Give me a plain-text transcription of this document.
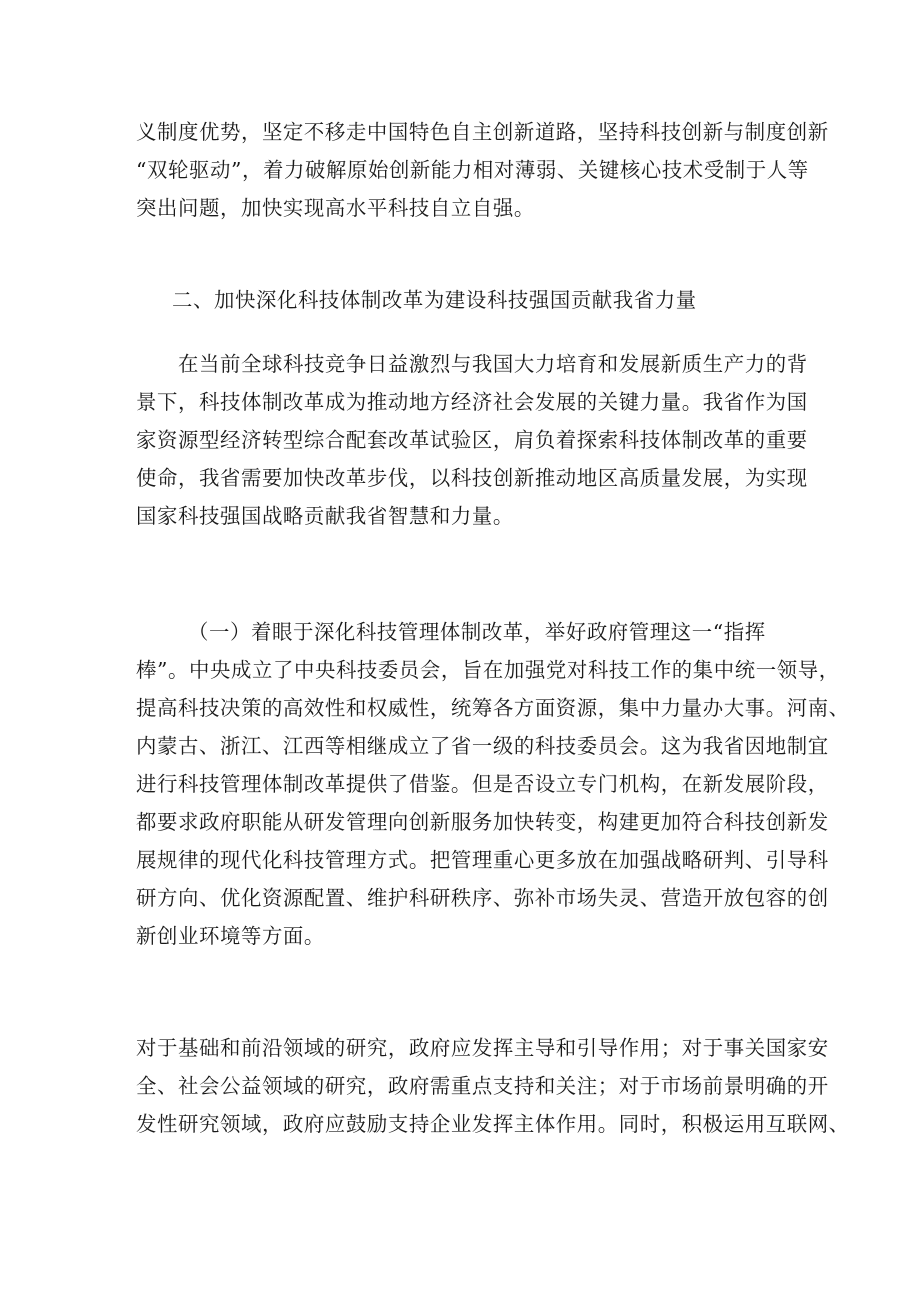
义制度优势，坚定不移走中国特色自主创新道路，坚持科技创新与制度创新
“双轮驱动”，着力破解原始创新能力相对薄弱、关键核心技术受制于人等
突出问题，加快实现高水平科技自立自强。
二、加快深化科技体制改革为建设科技强国贡献我省力量
在当前全球科技竞争日益激烈与我国大力培育和发展新质生产力的背
景下，科技体制改革成为推动地方经济社会发展的关键力量。我省作为国
家资源型经济转型综合配套改革试验区，肩负着探索科技体制改革的重要
使命，我省需要加快改革步伐，以科技创新推动地区高质量发展，为实现
国家科技强国战略贡献我省智慧和力量。
（一）着眼于深化科技管理体制改革，举好政府管理这一“指挥
棒”。中央成立了中央科技委员会，旨在加强党对科技工作的集中统一领导，
提高科技决策的高效性和权威性，统筹各方面资源，集中力量办大事。河南、
内蒙古、浙江、江西等相继成立了省一级的科技委员会。这为我省因地制宜
进行科技管理体制改革提供了借鉴。但是否设立专门机构，在新发展阶段，
都要求政府职能从研发管理向创新服务加快转变，构建更加符合科技创新发
展规律的现代化科技管理方式。把管理重心更多放在加强战略研判、引导科
研方向、优化资源配置、维护科研秩序、弥补市场失灵、营造开放包容的创
新创业环境等方面。
对于基础和前沿领域的研究，政府应发挥主导和引导作用；对于事关国家安
全、社会公益领域的研究，政府需重点支持和关注；对于市场前景明确的开
发性研究领域，政府应鼓励支持企业发挥主体作用。同时，积极运用互联网、
